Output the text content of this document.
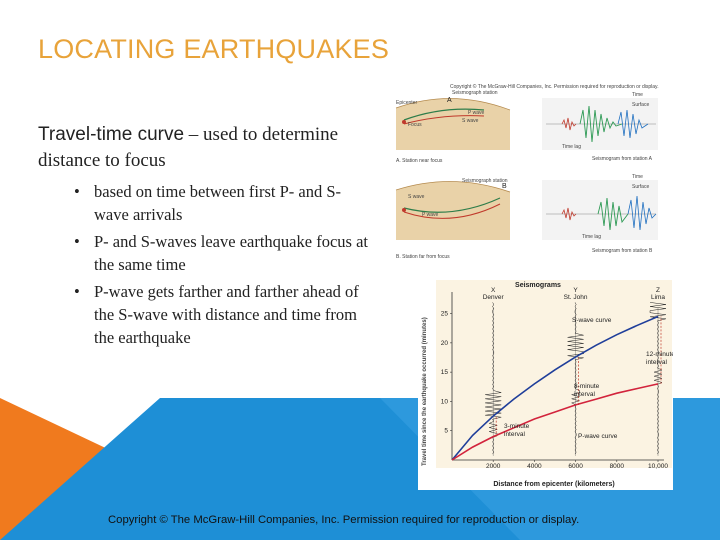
LOCATING EARTHQUAKES
Travel-time curve – used to determine distance to focus
• based on time between first P- and S-wave arrivals
• P- and S-waves leave earthquake focus at the same time
• P-wave gets farther and farther ahead of the S-wave with distance and time from the earthquake
Copyright © The McGraw-Hill Companies, Inc. Permission required for reproduction or display.
Epicenter
Focus
Seismograph station
P wave
S wave
A
A. Station near focus
Time
Surface
Time lag
Seismogram from station A
S wave
P wave
Seismograph station
B
B. Station far from focus
Time
Surface
Time lag
Seismogram from station B
2000	4000	6000	8000	10,000
5
10
15
20
25
X
Denver
Y
St. John
Z
Lima
S-wave curve
P-wave curve
8-minute
interval
3-minute
interval
12-minute
interval
Seismograms
Distance from epicenter (kilometers)
Travel time since the earthquake occurred (minutes)
Copyright © The McGraw-Hill Companies, Inc. Permission required for reproduction or display.
